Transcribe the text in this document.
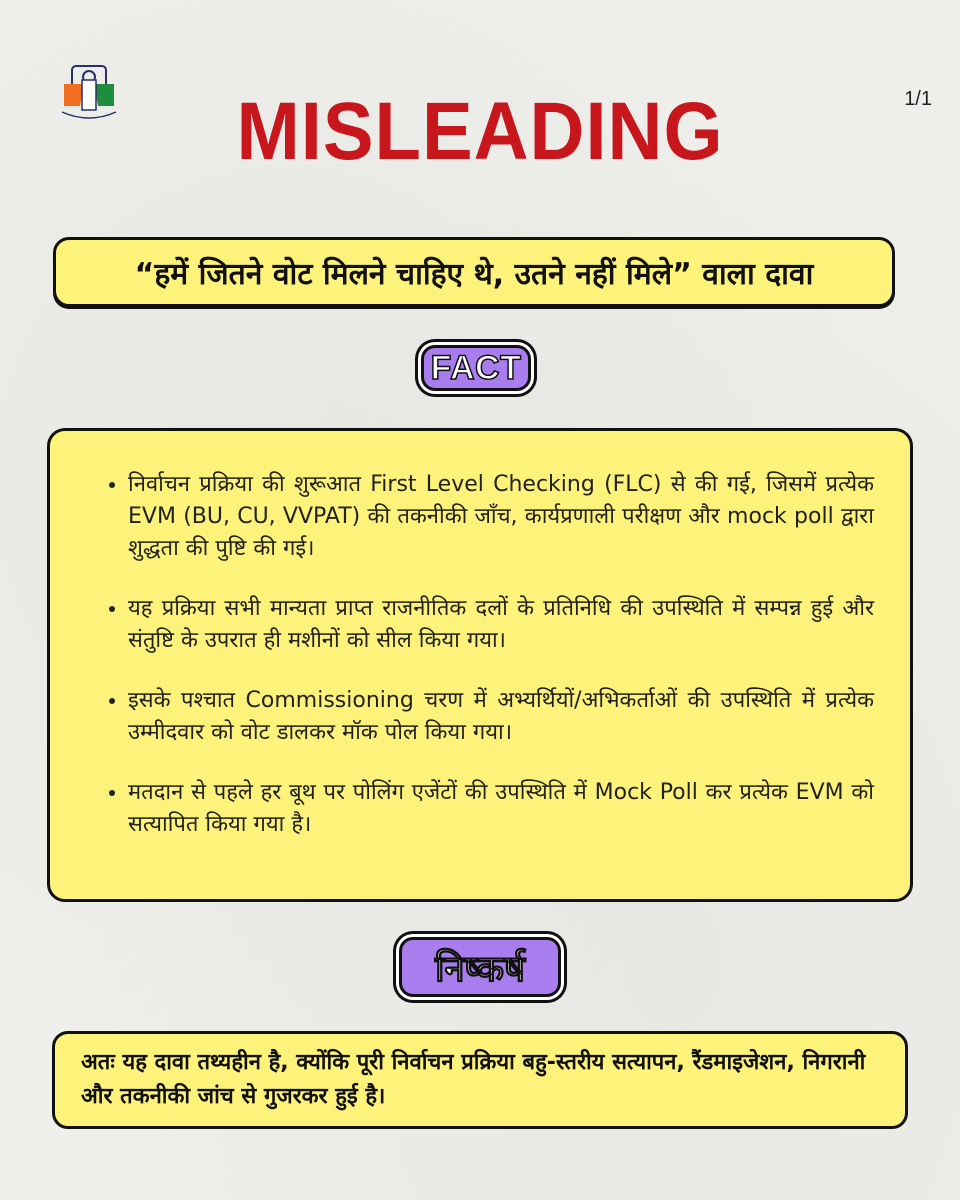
1/1
MISLEADING
“हमें जितने वोट मिलने चाहिए थे, उतने नहीं मिले” वाला दावा
FACT
• निर्वाचन प्रक्रिया की शुरूआत First Level Checking (FLC) से की गई, जिसमें प्रत्येक EVM (BU, CU, VVPAT) की तकनीकी जाँच, कार्यप्रणाली परीक्षण और mock poll द्वारा शुद्धता की पुष्टि की गई।
• यह प्रक्रिया सभी मान्यता प्राप्त राजनीतिक दलों के प्रतिनिधि की उपस्थिति में सम्पन्न हुई और संतुष्टि के उपरात ही मशीनों को सील किया गया।
• इसके पश्चात Commissioning चरण में अभ्यर्थियों/अभिकर्ताओं की उपस्थिति में प्रत्येक उम्मीदवार को वोट डालकर मॉक पोल किया गया।
• मतदान से पहले हर बूथ पर पोलिंग एजेंटों की उपस्थिति में Mock Poll कर प्रत्येक EVM को सत्यापित किया गया है।
निष्कर्ष
अतः यह दावा तथ्यहीन है, क्योंकि पूरी निर्वाचन प्रक्रिया बहु-स्तरीय सत्यापन, रैंडमाइजेशन, निगरानी और तकनीकी जांच से गुजरकर हुई है।
